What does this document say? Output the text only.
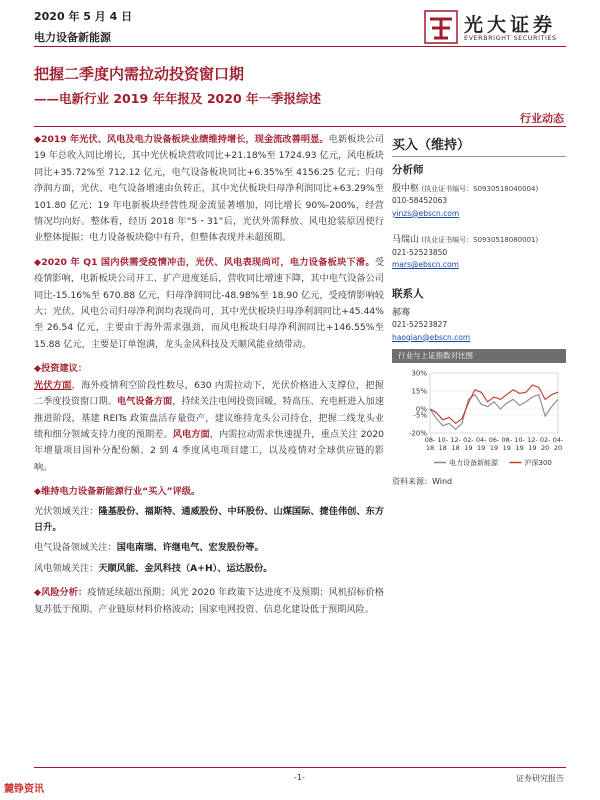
2020 年 5 月 4 日
电力设备新能源
光大证券
EVERBRIGHT SECURITIES
把握二季度内需拉动投资窗口期
——电新行业 2019 年年报及 2020 年一季报综述
行业动态
◆2019 年光伏、风电及电力设备板块业绩维持增长，现金流改善明显。电新板块公司 19 年总收入同比增长，其中光伏板块营收同比+21.18%至 1724.93 亿元，风电板块同比+35.72%至 712.12 亿元，电气设备板块同比+6.35%至 4156.25 亿元；归母净润方面，光伏、电气设备增速由负转正，其中光伏板块归母净利润同比+63.29%至 101.80 亿元；19 年电新板块经营性现金流显著增加，同比增长 90%-200%，经营情况均向好。整体看，经历 2018 年“5・31”后，光伏外需释放、风电抢装原因使行业整体提振；电力设备板块稳中有升，但整体表现并未超预期。
◆2020 年 Q1 国内供需受疫情冲击，光伏、风电表现尚可，电力设备板块下滑。受疫情影响，电新板块公司开工、扩产进度延后，营收同比增速下降，其中电气设备公司同比-15.16%至 670.88 亿元，归母净润同比-48.98%至 18.90 亿元，受疫情影响较大；光伏、风电公司归母净利润均表现尚可，其中光伏板块归母净利润同比+45.44%至 26.54 亿元，主要由于海外需求强劲，而风电板块归母净利润同比+146.55%至 15.88 亿元，主要是订单饱满，龙头金风科技及天顺风能业绩带动。
◆投资建议：
光伏方面，海外疫情利空阶段性数尽，630 内需拉动下，光伏价格进入支撑位，把握二季度投资窗口期。电气设备方面，持续关注电网投资回暖，特高压、充电桩进入加速推进阶段，基建 REITs 政策盘活存量资产，建议维持龙头公司持仓，把握二线龙头业绩和细分领域支持力度的预期差。风电方面，内需拉动需求快速提升，重点关注 2020 年增量项目国补分配份额、2 到 4 季度风电项目建工，以及疫情对全球供应链的影响。
◆维持电力设备新能源行业“买入”评级。
光伏领域关注：隆基股份、福斯特、通威股份、中环股份、山煤国际、捷佳伟创、东方日升。
电气设备领域关注：国电南瑞、许继电气、宏发股份等。
风电领域关注：天顺风能、金风科技（A+H）、运达股份。
◆风险分析：疫情延续超出预期；风光 2020 年政策下达进度不及预期；风机招标价格复苏低于预期、产业链原材料价格波动；国家电网投资、信息化建设低于预期风险。
买入（维持）
分析师
殷中枢 (执业证书编号：S0930518040004)
010-58452063
yinzs@ebscn.com
马瑞山 (执业证书编号：S0930518080001)
021-52523850
mars@ebscn.com
联系人
郝骞
021-52523827
haoqian@ebscn.com
行业与上证指数对比图
30%
15%
0%
-5%
-20%
08-
18
10-
18
12-
18
02-
19
04-
19
06-
19
08-
19
10-
19
12-
19
02-
20
04-
20
电力设备新能源	沪深300
资料来源：Wind
-1-	证券研究报告
麓铮资讯
